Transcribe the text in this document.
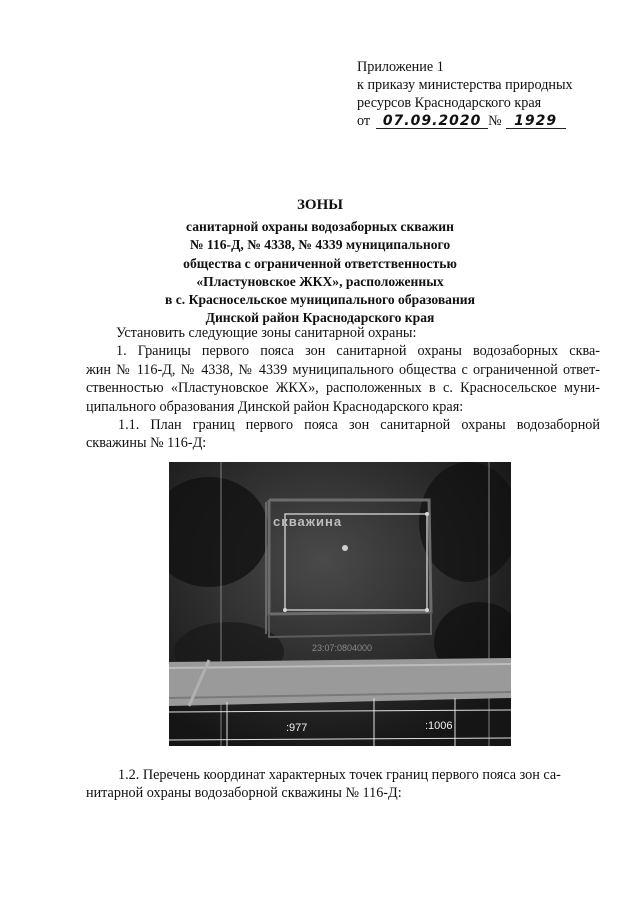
Приложение 1
к приказу министерства природных
ресурсов Краснодарского края
от 07.09.2020 № 1929
ЗОНЫ
санитарной охраны водозаборных скважин
№ 116-Д, № 4338, № 4339 муниципального
общества с ограниченной ответственностью
«Пластуновское ЖКХ», расположенных
в с. Красносельское муниципального образования
Динской район Краснодарского края
Установить следующие зоны санитарной охраны:
1. Границы первого пояса зон санитарной охраны водозаборных сква-
жин № 116-Д, № 4338, № 4339 муниципального общества с ограниченной ответ-
ственностью «Пластуновское ЖКХ», расположенных в с. Красносельское муни-
ципального образования Динской район Краснодарского края:
1.1. План границ первого пояса зон санитарной охраны водозаборной
скважины № 116-Д:
скважина
23:07:0804000
:977	:1006
1.2. Перечень координат характерных точек границ первого пояса зон са-
нитарной охраны водозаборной скважины № 116-Д:
